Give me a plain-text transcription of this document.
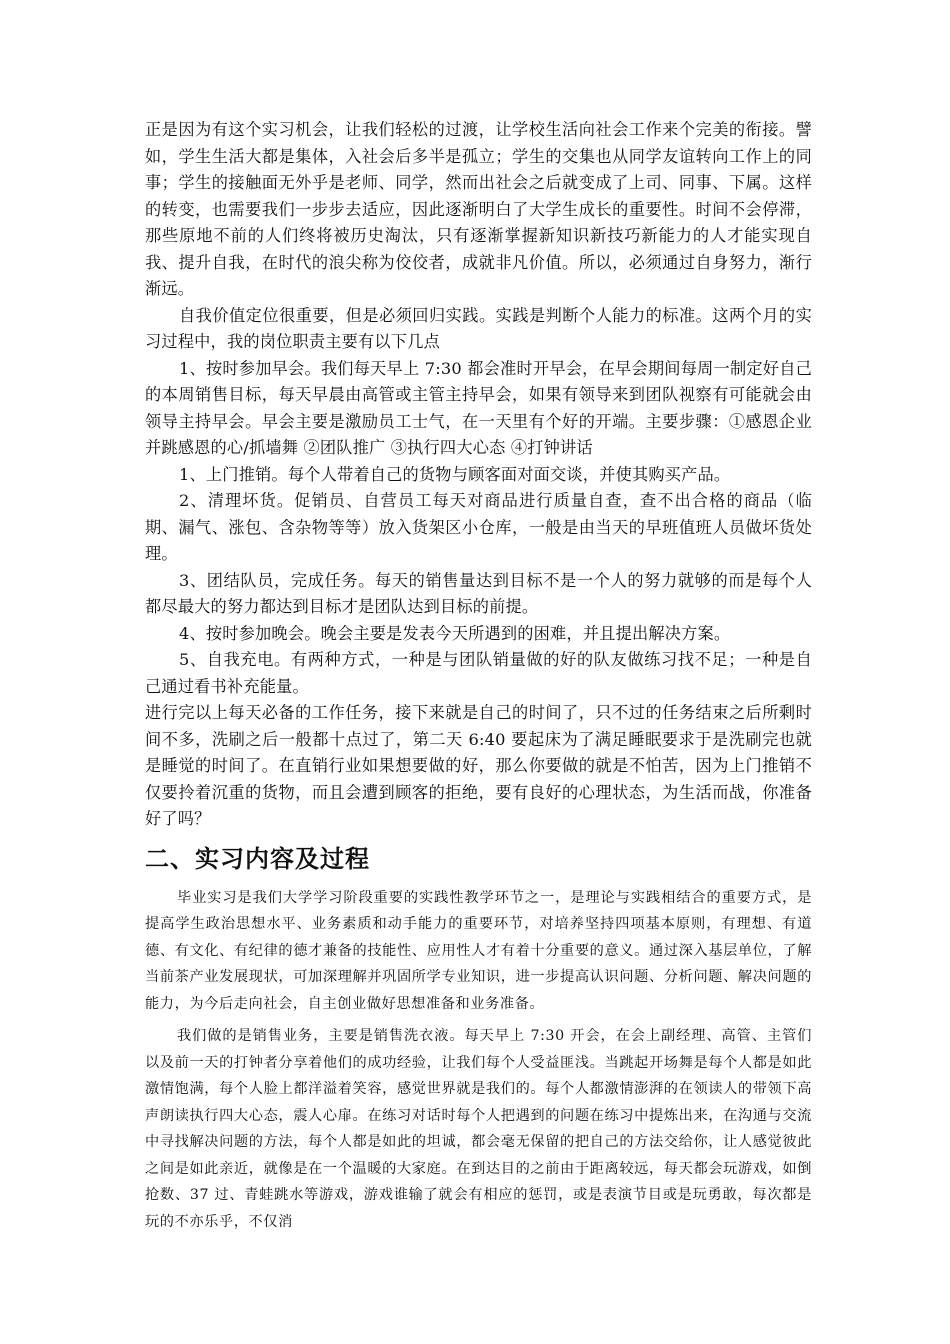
正是因为有这个实习机会，让我们轻松的过渡，让学校生活向社会工作来个完美的衔接。譬如，学生生活大都是集体，入社会后多半是孤立；学生的交集也从同学友谊转向工作上的同事；学生的接触面无外乎是老师、同学，然而出社会之后就变成了上司、同事、下属。这样的转变，也需要我们一步步去适应，因此逐渐明白了大学生成长的重要性。时间不会停滞，那些原地不前的人们终将被历史淘汰，只有逐渐掌握新知识新技巧新能力的人才能实现自我、提升自我，在时代的浪尖称为佼佼者，成就非凡价值。所以，必须通过自身努力，渐行渐远。

自我价值定位很重要，但是必须回归实践。实践是判断个人能力的标准。这两个月的实习过程中，我的岗位职责主要有以下几点

1、按时参加早会。我们每天早上 7:30 都会准时开早会，在早会期间每周一制定好自己的本周销售目标，每天早晨由高管或主管主持早会，如果有领导来到团队视察有可能就会由领导主持早会。早会主要是激励员工士气，在一天里有个好的开端。主要步骤：①感恩企业并跳感恩的心/抓墙舞 ②团队推广 ③执行四大心态 ④打钟讲话

1、上门推销。每个人带着自己的货物与顾客面对面交谈，并使其购买产品。

2、清理坏货。促销员、自营员工每天对商品进行质量自查，查不出合格的商品（临期、漏气、涨包、含杂物等等）放入货架区小仓库，一般是由当天的早班值班人员做坏货处理。

3、团结队员，完成任务。每天的销售量达到目标不是一个人的努力就够的而是每个人都尽最大的努力都达到目标才是团队达到目标的前提。

4、按时参加晚会。晚会主要是发表今天所遇到的困难，并且提出解决方案。

5、自我充电。有两种方式，一种是与团队销量做的好的队友做练习找不足；一种是自己通过看书补充能量。

进行完以上每天必备的工作任务，接下来就是自己的时间了，只不过的任务结束之后所剩时间不多，洗刷之后一般都十点过了，第二天 6:40 要起床为了满足睡眠要求于是洗刷完也就是睡觉的时间了。在直销行业如果想要做的好，那么你要做的就是不怕苦，因为上门推销不仅要拎着沉重的货物，而且会遭到顾客的拒绝，要有良好的心理状态，为生活而战，你准备好了吗？

二、实习内容及过程

毕业实习是我们大学学习阶段重要的实践性教学环节之一，是理论与实践相结合的重要方式，是提高学生政治思想水平、业务素质和动手能力的重要环节，对培养坚持四项基本原则，有理想、有道德、有文化、有纪律的德才兼备的技能性、应用性人才有着十分重要的意义。通过深入基层单位，了解当前茶产业发展现状，可加深理解并巩固所学专业知识，进一步提高认识问题、分析问题、解决问题的能力，为今后走向社会，自主创业做好思想准备和业务准备。

我们做的是销售业务，主要是销售洗衣液。每天早上 7:30 开会，在会上副经理、高管、主管们以及前一天的打钟者分享着他们的成功经验，让我们每个人受益匪浅。当跳起开场舞是每个人都是如此激情饱满，每个人脸上都洋溢着笑容，感觉世界就是我们的。每个人都激情澎湃的在领读人的带领下高声朗读执行四大心态，震人心扉。在练习对话时每个人把遇到的问题在练习中提炼出来，在沟通与交流中寻找解决问题的方法，每个人都是如此的坦诚，都会毫无保留的把自己的方法交给你，让人感觉彼此之间是如此亲近，就像是在一个温暖的大家庭。在到达目的之前由于距离较远，每天都会玩游戏，如倒抢数、37 过、青蛙跳水等游戏，游戏谁输了就会有相应的惩罚，或是表演节目或是玩勇敢，每次都是玩的不亦乐乎，不仅消
